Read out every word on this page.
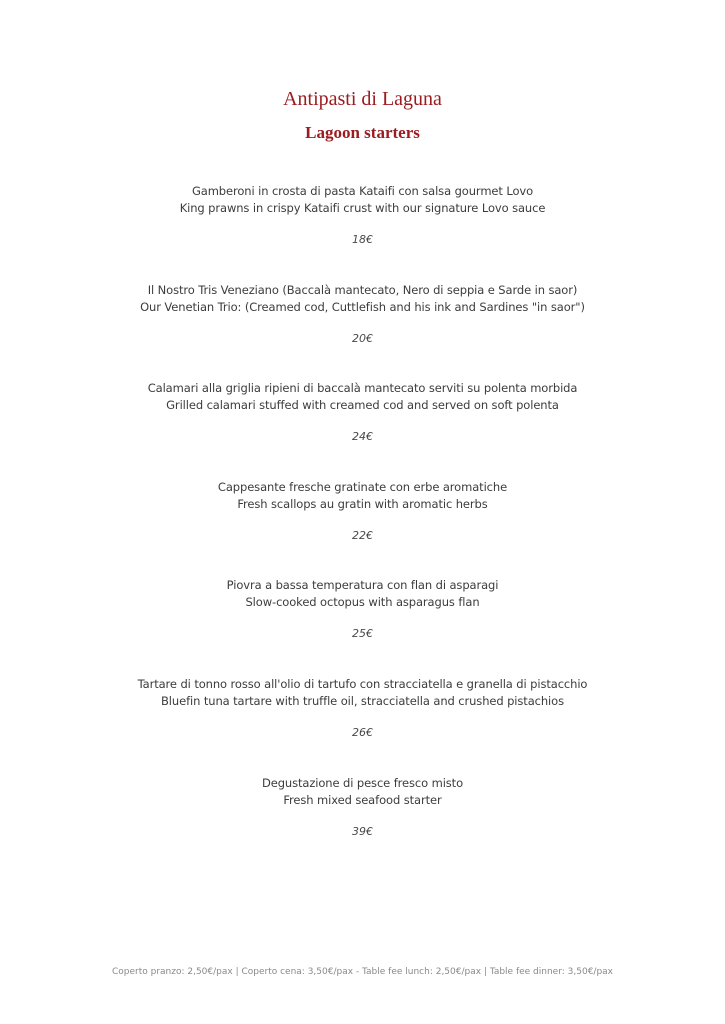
Antipasti di Laguna
Lagoon starters
Gamberoni in crosta di pasta Kataifi con salsa gourmet Lovo
King prawns in crispy Kataifi crust with our signature Lovo sauce
18€
Il Nostro Tris Veneziano (Baccalà mantecato, Nero di seppia e Sarde in saor)
Our Venetian Trio: (Creamed cod, Cuttlefish and his ink and Sardines "in saor")
20€
Calamari alla griglia ripieni di baccalà mantecato serviti su polenta morbida
Grilled calamari stuffed with creamed cod and served on soft polenta
24€
Cappesante fresche gratinate con erbe aromatiche
Fresh scallops au gratin with aromatic herbs
22€
Piovra a bassa temperatura con flan di asparagi
Slow-cooked octopus with asparagus flan
25€
Tartare di tonno rosso all'olio di tartufo con stracciatella e granella di pistacchio
Bluefin tuna tartare with truffle oil, stracciatella and crushed pistachios
26€
Degustazione di pesce fresco misto
Fresh mixed seafood starter
39€
Coperto pranzo: 2,50€/pax | Coperto cena: 3,50€/pax - Table fee lunch: 2,50€/pax | Table fee dinner: 3,50€/pax
